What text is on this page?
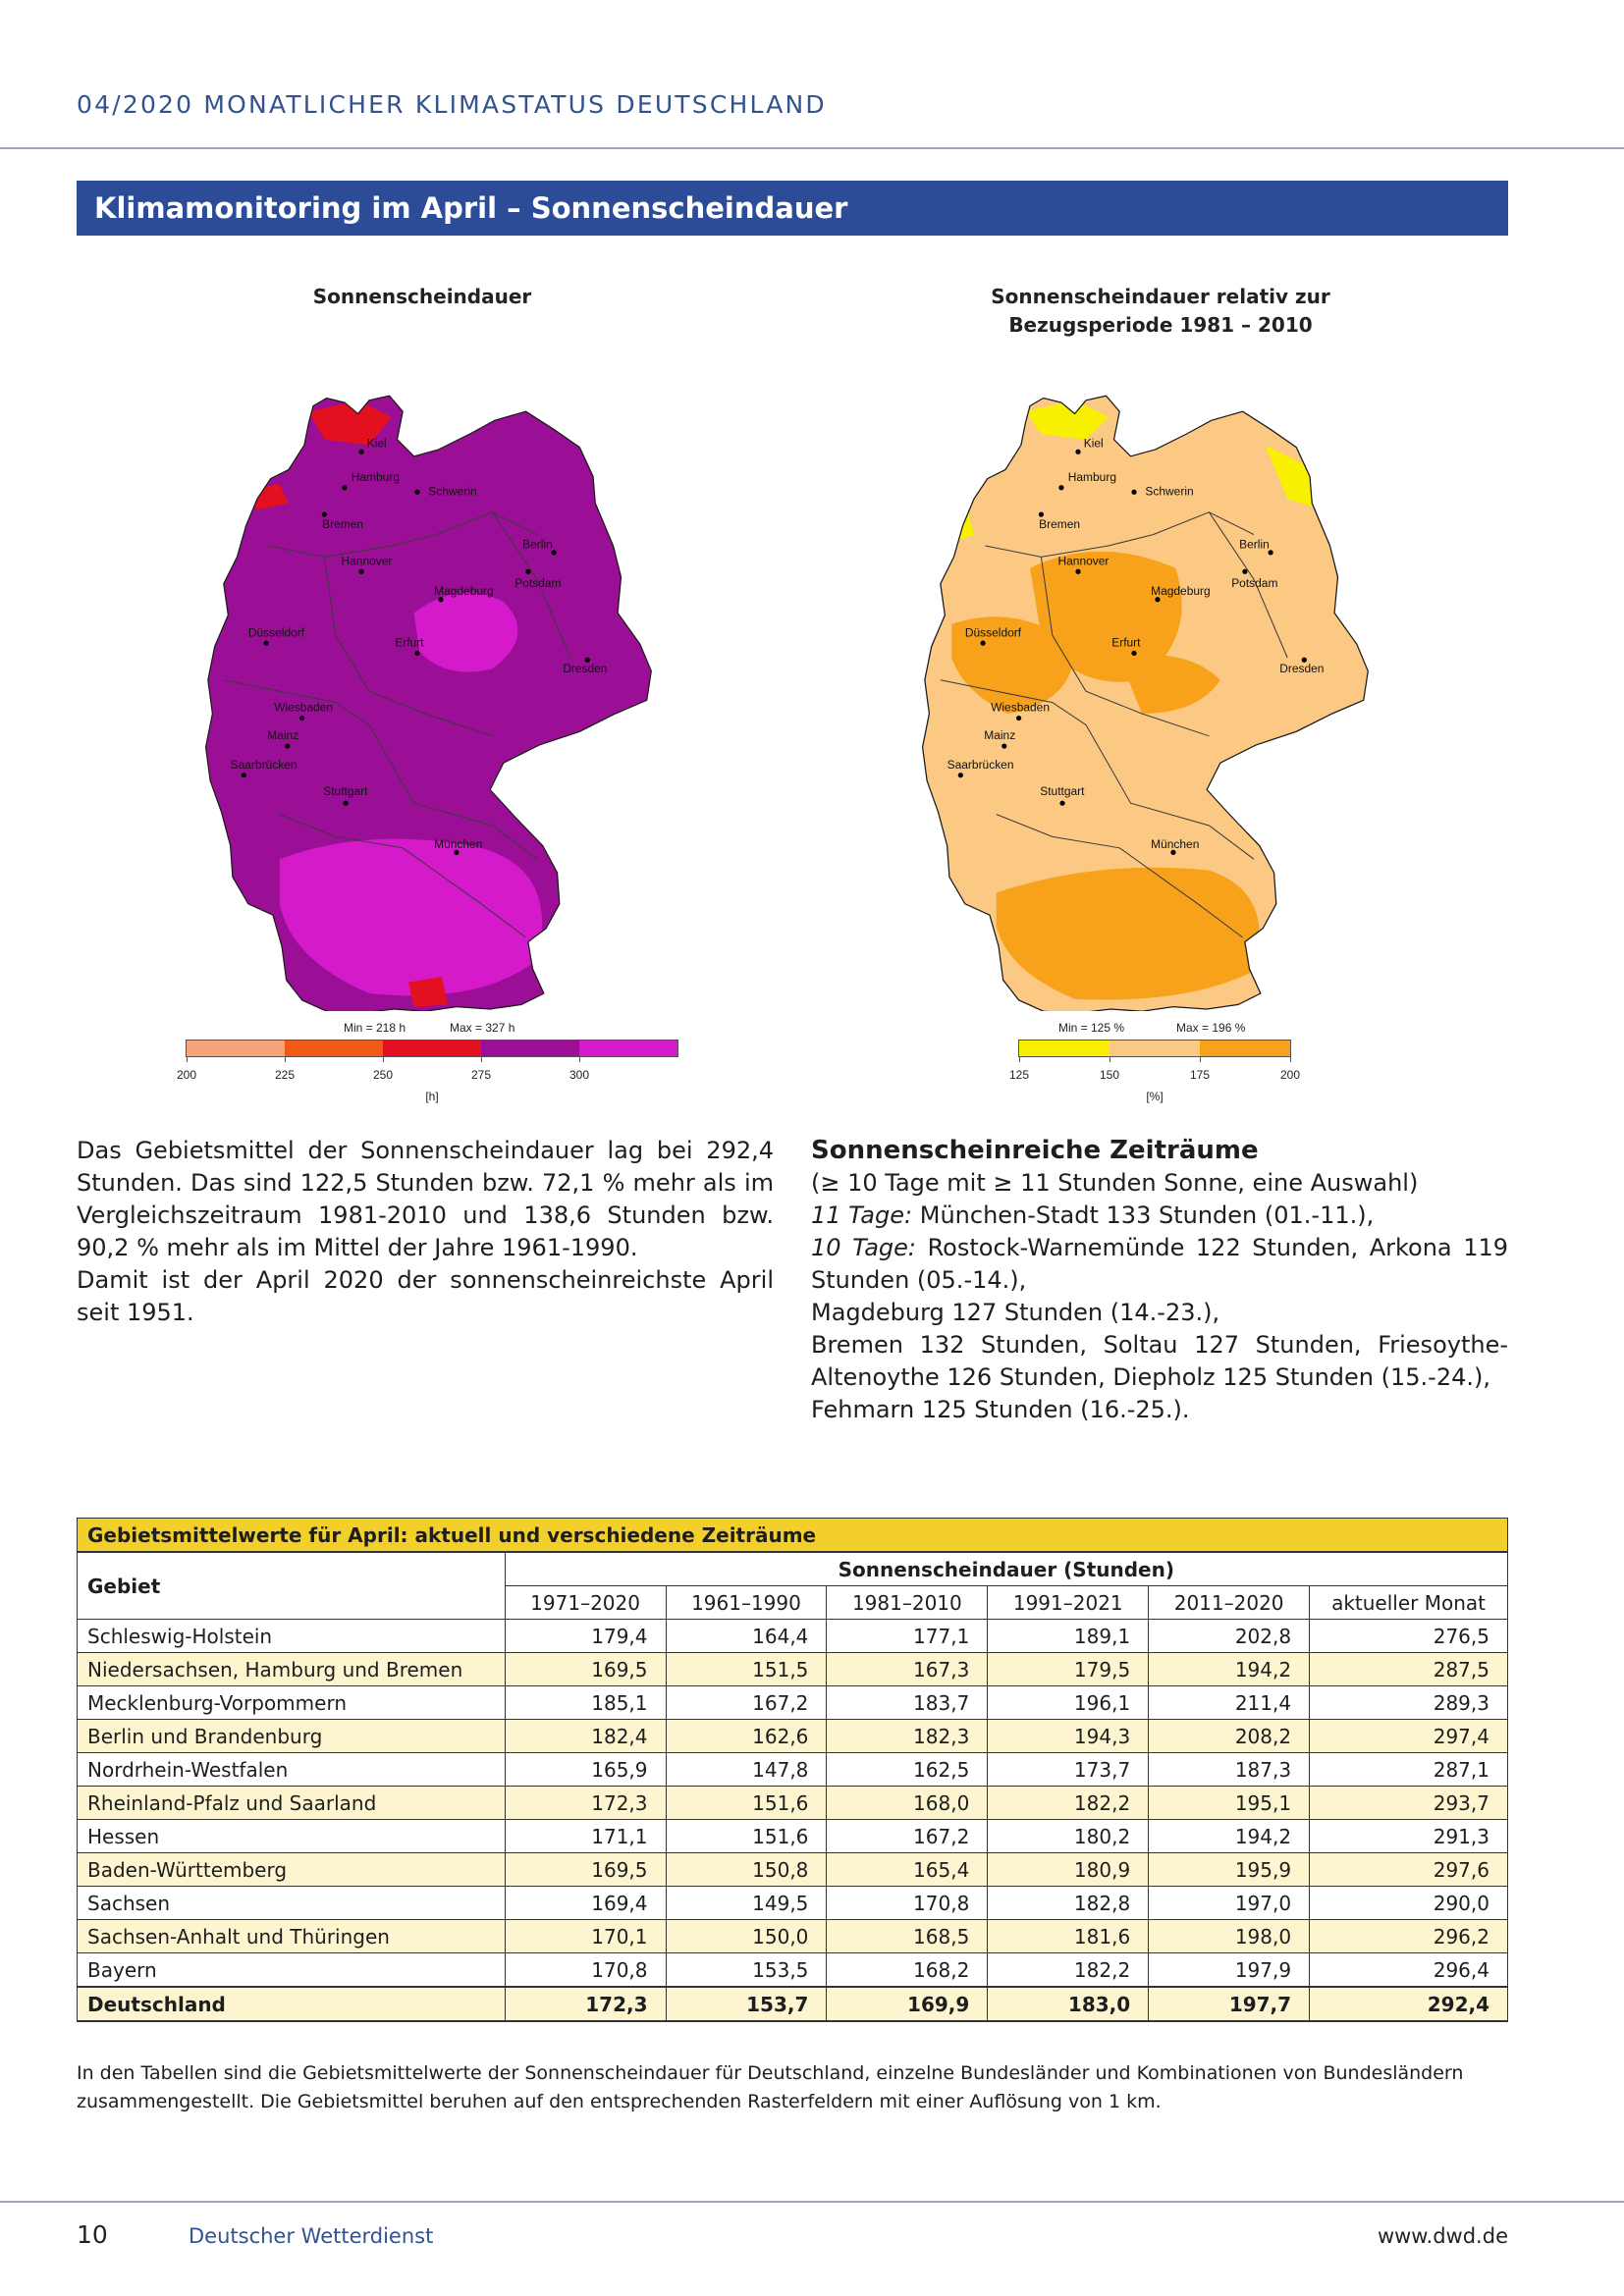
04/2020 MONATLICHER KLIMASTATUS DEUTSCHLAND
Klimamonitoring im April – Sonnenscheindauer
Sonnenscheindauer
Kiel
Hamburg
Schwerin
Bremen
Berlin
Hannover
Potsdam
Magdeburg
Düsseldorf
Erfurt
Dresden
Wiesbaden
Mainz
Saarbrücken
Stuttgart
München
Min = 218 h	Max = 327 h
200	225	250	275	300
[h]
Sonnenscheindauer relativ zur
Bezugsperiode 1981 – 2010
Kiel
Hamburg
Schwerin
Bremen
Berlin
Hannover
Potsdam
Magdeburg
Düsseldorf
Erfurt
Dresden
Wiesbaden
Mainz
Saarbrücken
Stuttgart
München
Min = 125 %	Max = 196 %
125	150	175	200
[%]

Das Gebietsmittel der Sonnenscheindauer lag bei 292,4 Stunden. Das sind 122,5 Stunden bzw. 72,1 % mehr als im Vergleichszeitraum 1981-2010 und 138,6 Stunden bzw. 90,2 % mehr als im Mittel der Jahre 1961-1990.

Damit ist der April 2020 der sonnenscheinreichste April seit 1951.

Sonnenscheinreiche Zeiträume
(≥ 10 Tage mit ≥ 11 Stunden Sonne, eine Auswahl)
11 Tage: München-Stadt 133 Stunden (01.-11.),
10 Tage: Rostock-Warnemünde 122 Stunden, Arkona 119 Stunden (05.-14.),
Magdeburg 127 Stunden (14.-23.),
Bremen 132 Stunden, Soltau 127 Stunden, Friesoythe-Altenoythe 126 Stunden, Diepholz 125 Stunden (15.-24.),
Fehmarn 125 Stunden (16.-25.).
Gebietsmittelwerte für April: aktuell und verschiedene Zeiträume						
Gebiet	Sonnenscheindauer (Stunden)					
	1971–2020	1961–1990	1981–2010	1991–2021	2011–2020	aktueller Monat
Schleswig-Holstein	179,4	164,4	177,1	189,1	202,8	276,5
Niedersachsen, Hamburg und Bremen	169,5	151,5	167,3	179,5	194,2	287,5
Mecklenburg-Vorpommern	185,1	167,2	183,7	196,1	211,4	289,3
Berlin und Brandenburg	182,4	162,6	182,3	194,3	208,2	297,4
Nordrhein-Westfalen	165,9	147,8	162,5	173,7	187,3	287,1
Rheinland-Pfalz und Saarland	172,3	151,6	168,0	182,2	195,1	293,7
Hessen	171,1	151,6	167,2	180,2	194,2	291,3
Baden-Württemberg	169,5	150,8	165,4	180,9	195,9	297,6
Sachsen	169,4	149,5	170,8	182,8	197,0	290,0
Sachsen-Anhalt und Thüringen	170,1	150,0	168,5	181,6	198,0	296,2
Bayern	170,8	153,5	168,2	182,2	197,9	296,4
Deutschland	172,3	153,7	169,9	183,0	197,7	292,4
In den Tabellen sind die Gebietsmittelwerte der Sonnenscheindauer für Deutschland, einzelne Bundesländer und Kombinationen von Bundesländern zusammengestellt. Die Gebietsmittel beruhen auf den entsprechenden Rasterfeldern mit einer Auflösung von 1 km.
10	Deutscher Wetterdienst	www.dwd.de
